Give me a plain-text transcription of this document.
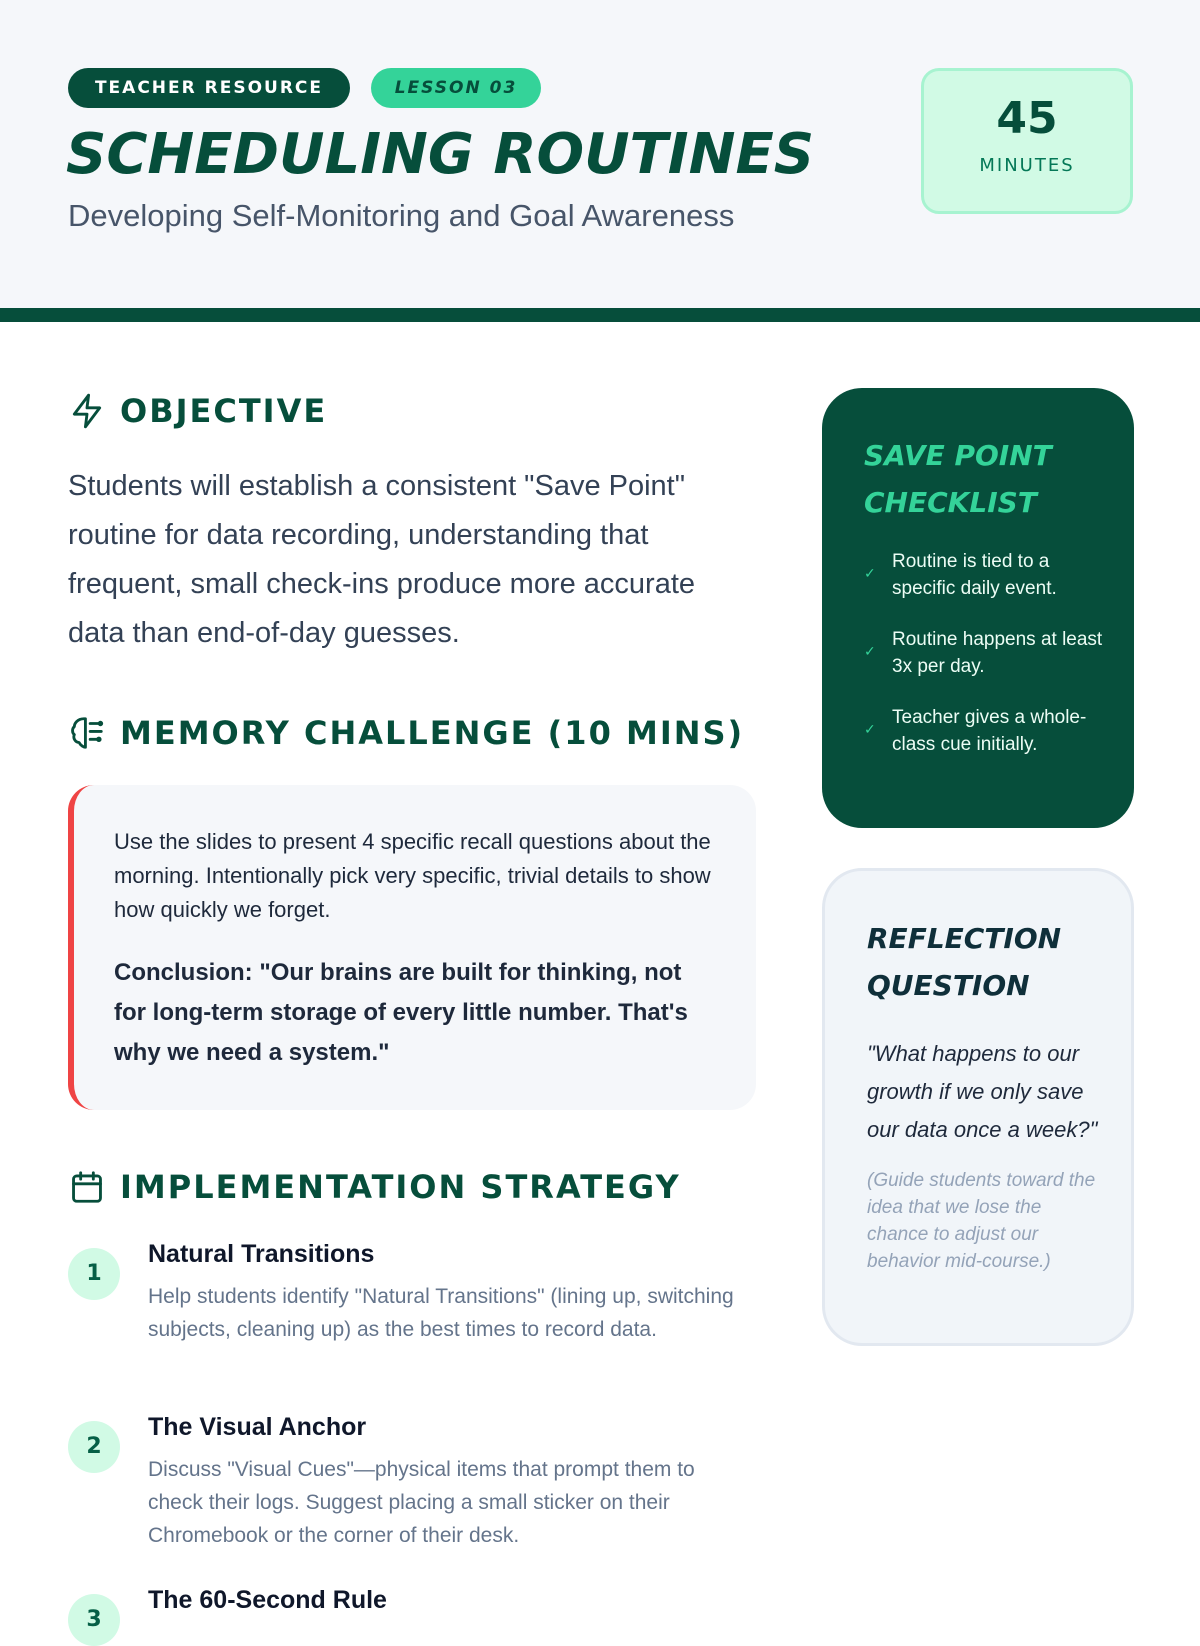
TEACHER RESOURCE	LESSON 03
SCHEDULING ROUTINES
Developing Self-Monitoring and Goal Awareness
45
MINUTES
OBJECTIVE
Students will establish a consistent "Save Point" routine for data recording, understanding that frequent, small check-ins produce more accurate data than end-of-day guesses.
MEMORY CHALLENGE (10 MINS)
Use the slides to present 4 specific recall questions about the morning. Intentionally pick very specific, trivial details to show how quickly we forget.
Conclusion: "Our brains are built for thinking, not for long-term storage of every little number. That's why we need a system."
IMPLEMENTATION STRATEGY
1
Natural Transitions
Help students identify "Natural Transitions" (lining up, switching subjects, cleaning up) as the best times to record data.
2
The Visual Anchor
Discuss "Visual Cues"—physical items that prompt them to check their logs. Suggest placing a small sticker on their Chromebook or the corner of their desk.
3
The 60-Second Rule
SAVE POINT CHECKLIST
✓
Routine is tied to a specific daily event.
✓
Routine happens at least 3x per day.
✓
Teacher gives a whole-class cue initially.
REFLECTION QUESTION
"What happens to our growth if we only save our data once a week?"
(Guide students toward the idea that we lose the chance to adjust our behavior mid-course.)
